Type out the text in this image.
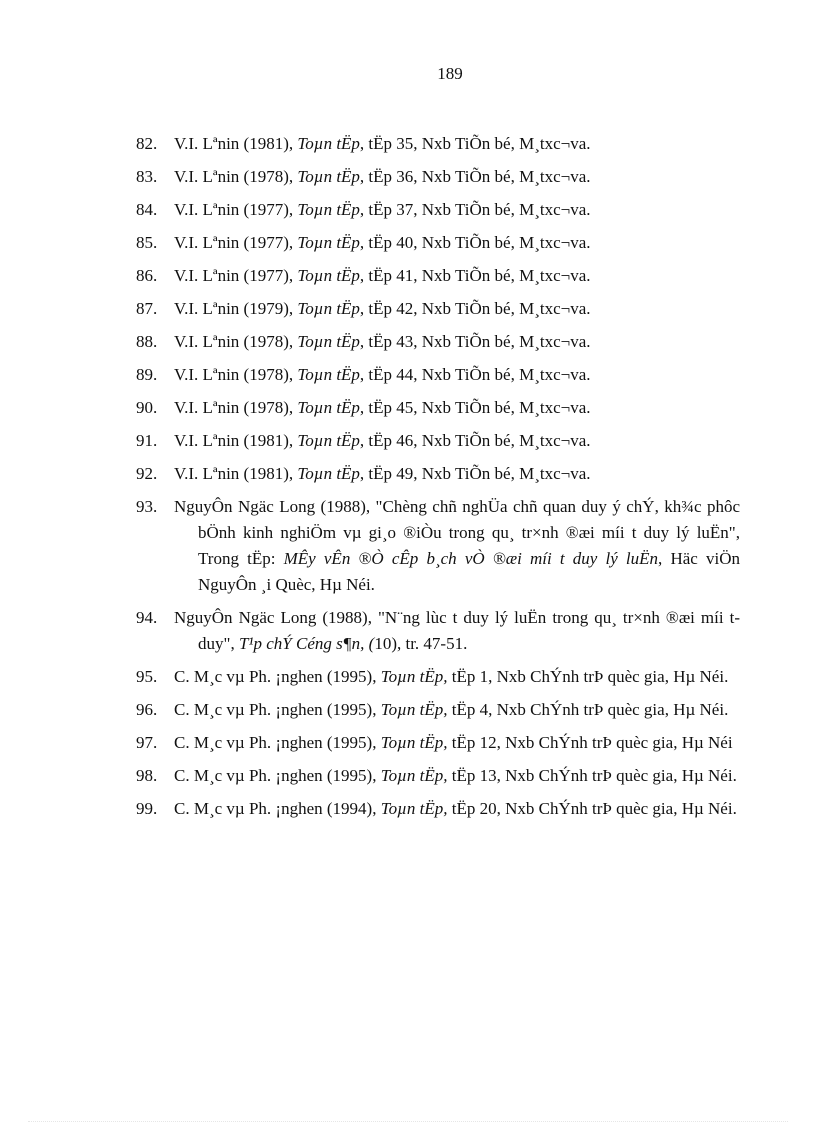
189
82. V.I. Lªnin (1981), Toµn tËp, tËp 35, Nxb TiÕn bé, M¸txc¬va.
83. V.I. Lªnin (1978), Toµn tËp, tËp 36, Nxb TiÕn bé, M¸txc¬va.
84. V.I. Lªnin (1977), Toµn tËp, tËp 37, Nxb TiÕn bé, M¸txc¬va.
85. V.I. Lªnin (1977), Toµn tËp, tËp 40, Nxb TiÕn bé, M¸txc¬va.
86. V.I. Lªnin (1977), Toµn tËp, tËp 41, Nxb TiÕn bé, M¸txc¬va.
87. V.I. Lªnin (1979), Toµn tËp, tËp 42, Nxb TiÕn bé, M¸txc¬va.
88. V.I. Lªnin (1978), Toµn tËp, tËp 43, Nxb TiÕn bé, M¸txc¬va.
89. V.I. Lªnin (1978), Toµn tËp, tËp 44, Nxb TiÕn bé, M¸txc¬va.
90. V.I. Lªnin (1978), Toµn tËp, tËp 45, Nxb TiÕn bé, M¸txc¬va.
91. V.I. Lªnin (1981), Toµn tËp, tËp 46, Nxb TiÕn bé, M¸txc¬va.
92. V.I. Lªnin (1981), Toµn tËp, tËp 49, Nxb TiÕn bé, M¸txc¬va.
93. NguyÔn Ngäc Long (1988), "Chèng chñ nghÜa chñ quan duy ý chÝ, kh¾c phôc bÖnh kinh nghiÖm vµ gi¸o ®iÒu trong qu¸ tr×nh ®æi míi t duy lý luËn", Trong tËp: MÊy vÊn ®Ò cÊp b¸ch vÒ ®æi míi t duy lý luËn, Häc viÖn NguyÔn ¸i Quèc, Hµ Néi.
94. NguyÔn Ngäc Long (1988), "N¨ng lùc t duy lý luËn trong qu¸ tr×nh ®æi míi t duy", T¹p chÝ Céng s¶n, (10), tr. 47-51.
95. C. M¸c vµ Ph. ¡nghen (1995), Toµn tËp, tËp 1, Nxb ChÝnh trÞ quèc gia, Hµ Néi.
96. C. M¸c vµ Ph. ¡nghen (1995), Toµn tËp, tËp 4, Nxb ChÝnh trÞ quèc gia, Hµ Néi.
97. C. M¸c vµ Ph. ¡nghen (1995), Toµn tËp, tËp 12, Nxb ChÝnh trÞ quèc gia, Hµ Néi
98. C. M¸c vµ Ph. ¡nghen (1995), Toµn tËp, tËp 13, Nxb ChÝnh trÞ quèc gia, Hµ Néi.
99. C. M¸c vµ Ph. ¡nghen (1994), Toµn tËp, tËp 20, Nxb ChÝnh trÞ quèc gia, Hµ Néi.
